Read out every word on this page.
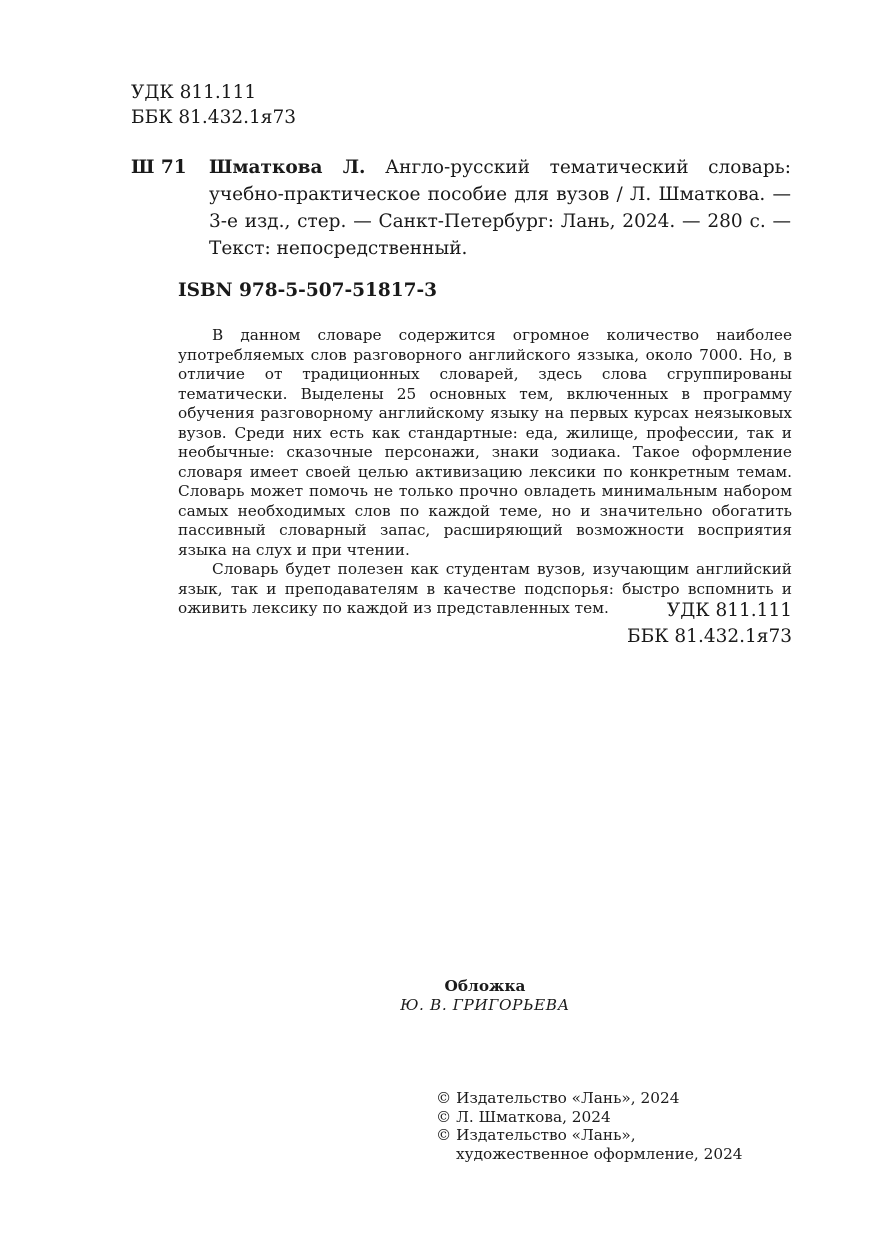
УДК 811.111
ББК 81.432.1я73
Ш 71 Шматкова Л. Англо-русский тематический словарь: учебно-практическое пособие для вузов / Л. Шматкова. — 3-е изд., стер. — Санкт-Петербург: Лань, 2024. — 280 с. — Текст: непосредственный.
ISBN 978-5-507-51817-3

В данном словаре содержится огромное количество наиболее употребляемых слов разговорного английского яззыка, около 7000. Но, в отличие от традиционных словарей, здесь слова сгруппированы тематически. Выделены 25 основных тем, включенных в программу обучения разговорному английскому языку на первых курсах неязыковых вузов. Среди них есть как стандартные: еда, жилище, профессии, так и необычные: сказочные персонажи, знаки зодиака. Такое оформление словаря имеет своей целью активизацию лексики по конкретным темам. Словарь может помочь не только прочно овладеть минимальным набором самых необходимых слов по каждой теме, но и значительно обогатить пассивный словарный запас, расширяющий возможности восприятия языка на слух и при чтении.

Словарь будет полезен как студентам вузов, изучающим английский язык, так и преподавателям в качестве подспорья: быстро вспомнить и оживить лексику по каждой из представленных тем.	УДК 811.111
ББК 81.432.1я73
Обложка
Ю. В. ГРИГОРЬЕВА
© Издательство «Лань», 2024
© Л. Шматкова, 2024
© Издательство «Лань»,
художественное оформление, 2024
